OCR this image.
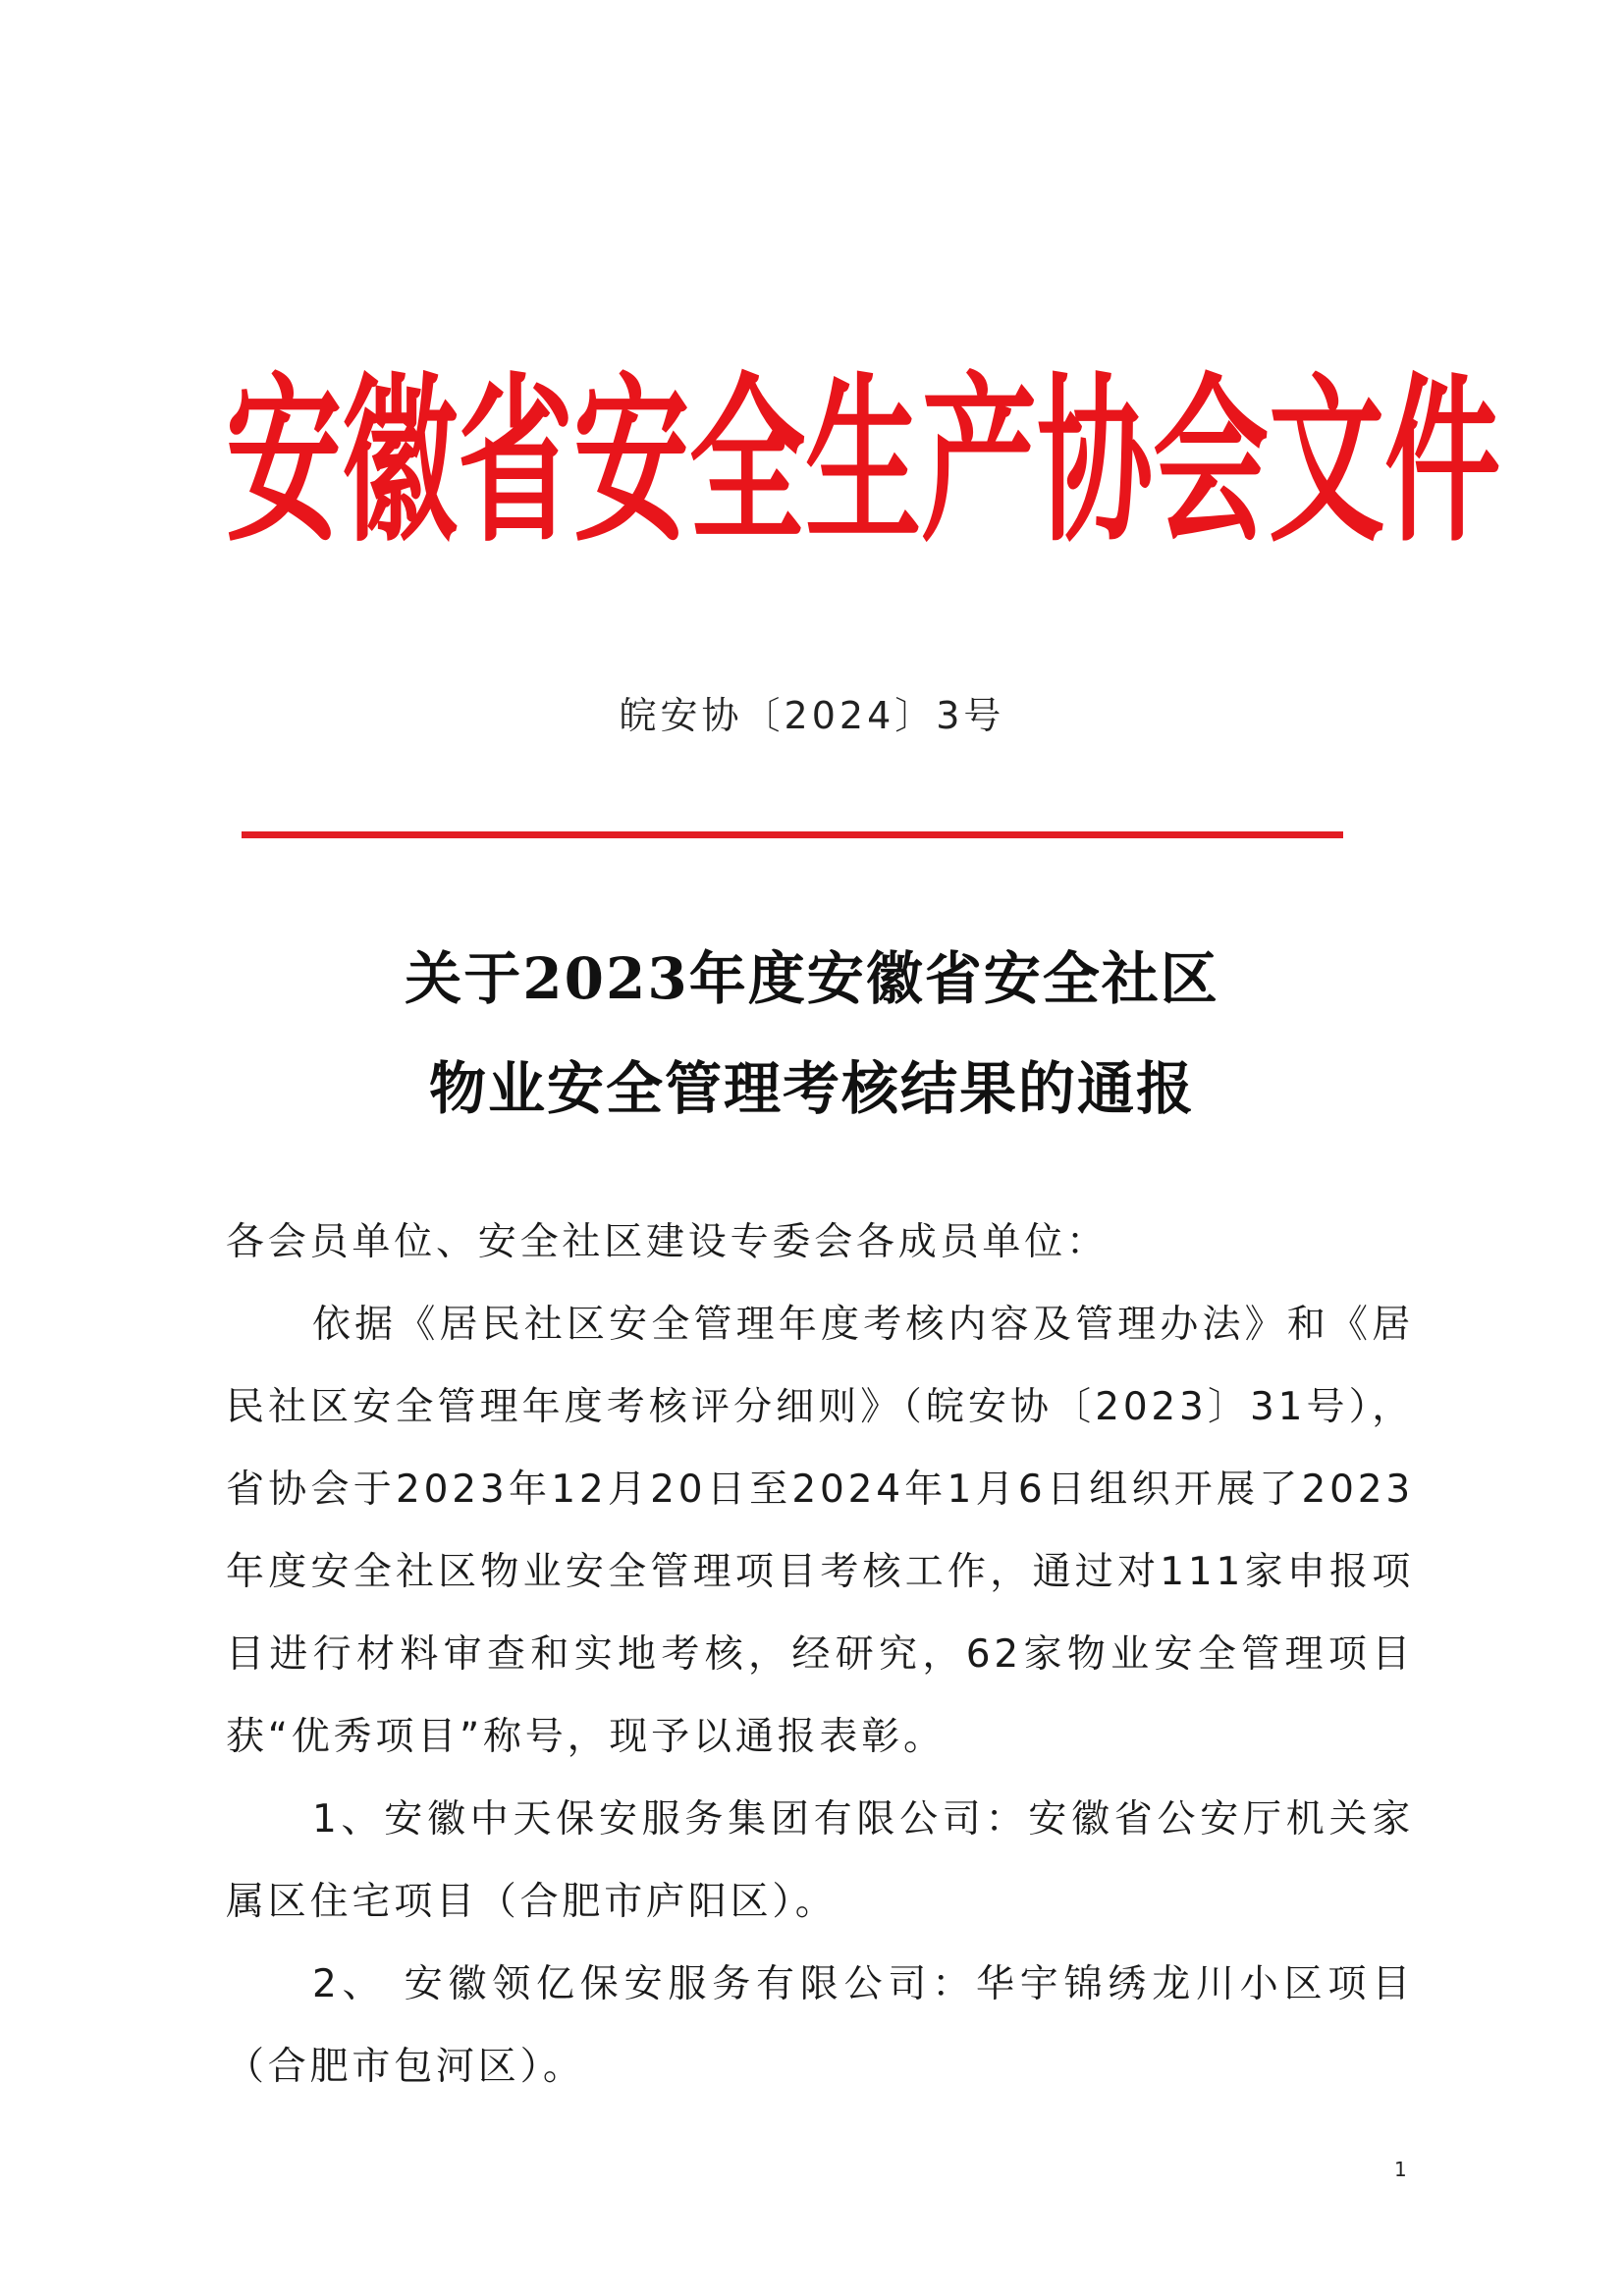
安 徽 省 安 全 生 产 协 会 文 件
皖安协〔2024〕3号
关于2023年度安徽省安全社区
物业安全管理考核结果的通报

各会员单位、安全社区建设专委会各成员单位：

依据《居民社区安全管理年度考核内容及管理办法》和《居民社区安全管理年度考核评分细则》（皖安协〔2023〕31号），省协会于2023年12月20日至2024年1月6日组织开展了2023年度安全社区物业安全管理项目考核工作，通过对111家申报项目进行材料审查和实地考核，经研究，62家物业安全管理项目获“优秀项目”称号，现予以通报表彰。

1、安徽中天保安服务集团有限公司：安徽省公安厅机关家属区住宅项目（合肥市庐阳区）。

2、 安徽领亿保安服务有限公司：华宇锦绣龙川小区项目（合肥市包河区）。

1
